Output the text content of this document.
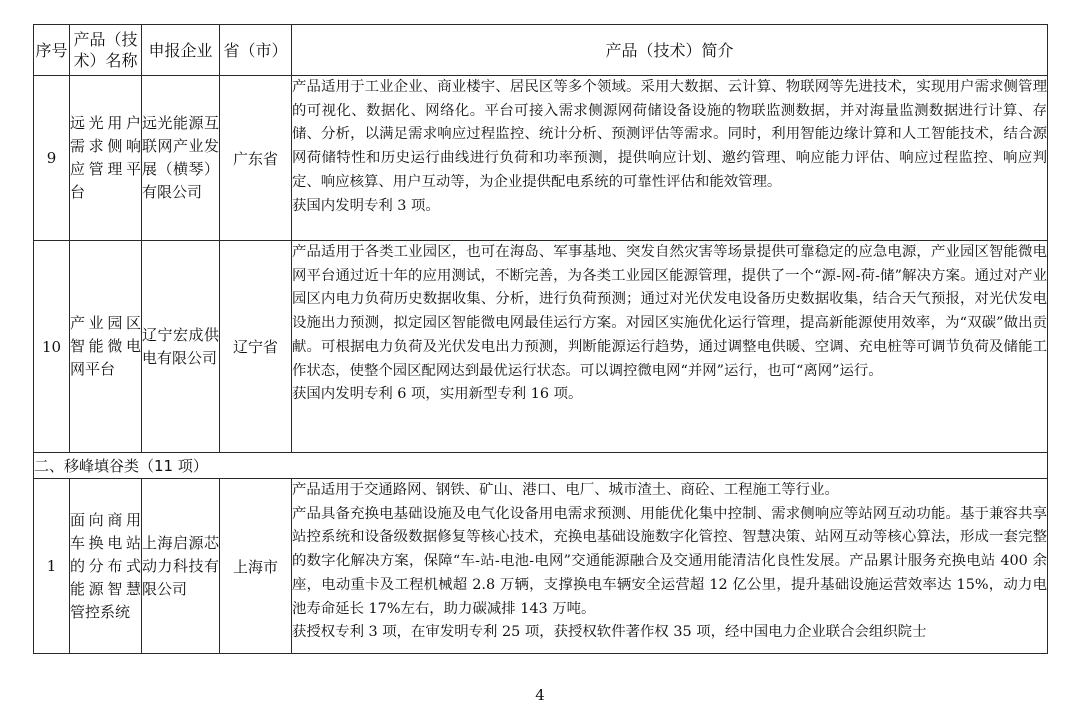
序号	产品（技术）名称	申报企业	省（市）	产品（技术）简介
9	远光用户需求侧响应管理平台	远光能源互联网产业发展（横琴）有限公司	广东省	产品适用于工业企业、商业楼宇、居民区等多个领域。采用大数据、云计算、物联网等先进技术，实现用户需求侧管理的可视化、数据化、网络化。平台可接入需求侧源网荷储设备设施的物联监测数据，并对海量监测数据进行计算、存储、分析，以满足需求响应过程监控、统计分析、预测评估等需求。同时，利用智能边缘计算和人工智能技术，结合源网荷储特性和历史运行曲线进行负荷和功率预测，提供响应计划、邀约管理、响应能力评估、响应过程监控、响应判定、响应核算、用户互动等，为企业提供配电系统的可靠性评估和能效管理。

获国内发明专利 3 项。

10	产业园区智能微电网平台	辽宁宏成供电有限公司	辽宁省	产品适用于各类工业园区，也可在海岛、军事基地、突发自然灾害等场景提供可靠稳定的应急电源，产业园区智能微电网平台通过近十年的应用测试，不断完善，为各类工业园区能源管理，提供了一个“源-网-荷-储”解决方案。通过对产业园区内电力负荷历史数据收集、分析，进行负荷预测；通过对光伏发电设备历史数据收集，结合天气预报，对光伏发电设施出力预测，拟定园区智能微电网最佳运行方案。对园区实施优化运行管理，提高新能源使用效率，为“双碳”做出贡献。可根据电力负荷及光伏发电出力预测，判断能源运行趋势，通过调整电供暖、空调、充电桩等可调节负荷及储能工作状态，使整个园区配网达到最优运行状态。可以调控微电网“并网”运行，也可“离网”运行。

获国内发明专利 6 项，实用新型专利 16 项。

二、移峰填谷类（11 项）				
1	面向商用车换电站的分布式能源智慧管控系统	上海启源芯动力科技有限公司	上海市	产品适用于交通路网、钢铁、矿山、港口、电厂、城市渣土、商砼、工程施工等行业。

产品具备充换电基础设施及电气化设备用电需求预测、用能优化集中控制、需求侧响应等站网互动功能。基于兼容共享站控系统和设备级数据修复等核心技术，充换电基础设施数字化管控、智慧决策、站网互动等核心算法，形成一套完整的数字化解决方案，保障“车-站-电池-电网”交通能源融合及交通用能清洁化良性发展。产品累计服务充换电站 400 余座，电动重卡及工程机械超 2.8 万辆，支撑换电车辆安全运营超 12 亿公里，提升基础设施运营效率达 15%，动力电池寿命延长 17%左右，助力碳减排 143 万吨。

获授权专利 3 项，在审发明专利 25 项，获授权软件著作权 35 项，经中国电力企业联合会组织院士

4
